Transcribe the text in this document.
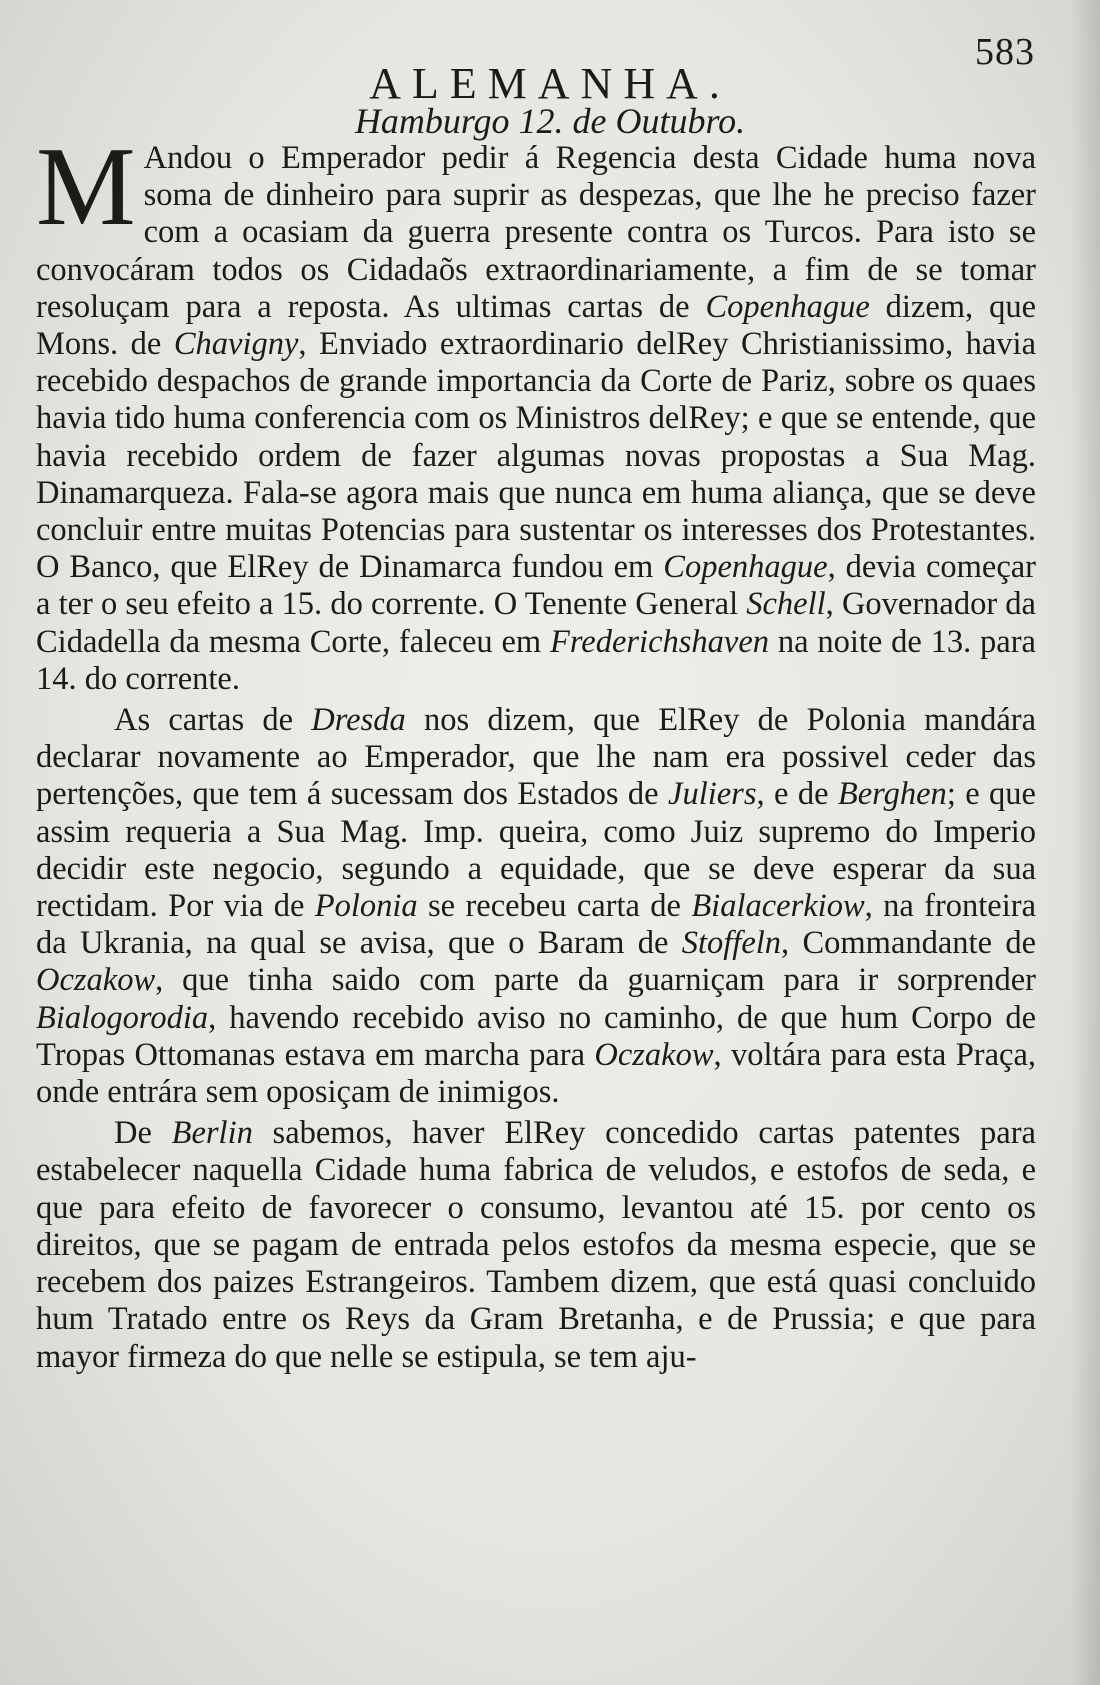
583
ALEMANHA.
Hamburgo 12. de Outubro.

M Andou o Emperador pedir á Regencia desta Cidade huma nova soma de dinheiro para suprir as despezas, que lhe he preciso fazer com a ocasiam da guerra presente contra os Turcos. Para isto se convocáram todos os Cidadaõs extraordinariamente, a fim de se tomar resoluçam para a reposta. As ultimas cartas de Copenhague dizem, que Mons. de Chavigny, Enviado extraordinario delRey Christianissimo, havia recebido despachos de grande importancia da Corte de Pariz, sobre os quaes havia tido huma conferencia com os Ministros delRey; e que se entende, que havia recebido ordem de fazer algumas novas propostas a Sua Mag. Dinamarqueza. Fala-se agora mais que nunca em huma aliança, que se deve concluir entre muitas Potencias para sustentar os interesses dos Protestantes. O Banco, que ElRey de Dinamarca fundou em Copenhague, devia começar a ter o seu efeito a 15. do corrente. O Tenente General Schell, Governador da Cidadella da mesma Corte, faleceu em Frederichshaven na noite de 13. para 14. do corrente.

As cartas de Dresda nos dizem, que ElRey de Polonia mandára declarar novamente ao Emperador, que lhe nam era possivel ceder das pertenções, que tem á sucessam dos Estados de Juliers, e de Berghen; e que assim requeria a Sua Mag. Imp. queira, como Juiz supremo do Imperio decidir este negocio, segundo a equidade, que se deve esperar da sua rectidam. Por via de Polonia se recebeu carta de Bialacerkiow, na fronteira da Ukrania, na qual se avisa, que o Baram de Stoffeln, Commandante de Oczakow, que tinha saido com parte da guarniçam para ir sorprender Bialogorodia, havendo recebido aviso no caminho, de que hum Corpo de Tropas Ottomanas estava em marcha para Oczakow, voltára para esta Praça, onde entrára sem oposiçam de inimigos.

De Berlin sabemos, haver ElRey concedido cartas patentes para estabelecer naquella Cidade huma fabrica de veludos, e estofos de seda, e que para efeito de favorecer o consumo, levantou até 15. por cento os direitos, que se pagam de entrada pelos estofos da mesma especie, que se recebem dos paizes Estrangeiros. Tambem dizem, que está quasi concluido hum Tratado entre os Reys da Gram Bretanha, e de Prussia; e que para mayor firmeza do que nelle se estipula, se tem aju-
